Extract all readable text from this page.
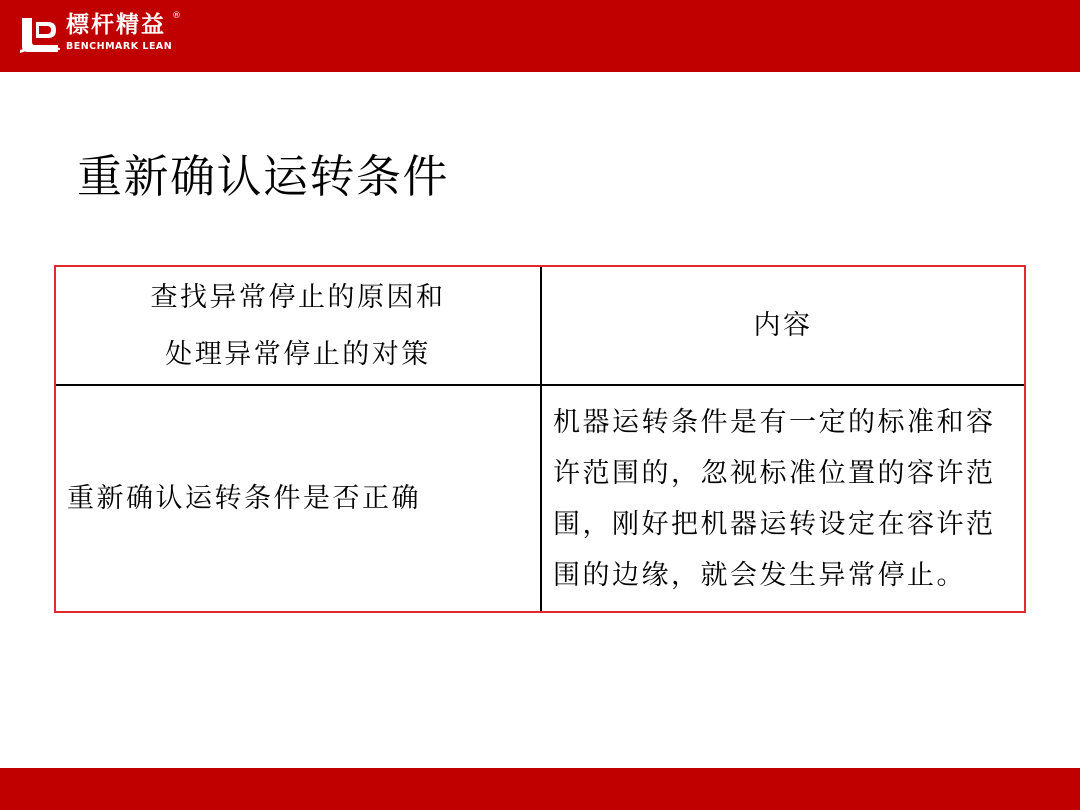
標杆精益 ®
BENCHMARK LEAN
重新确认运转条件
查找异常停止的原因和
处理异常停止的对策
内容
重新确认运转条件是否正确
机器运转条件是有一定的标准和容
许范围的，忽视标准位置的容许范
围，刚好把机器运转设定在容许范
围的边缘，就会发生异常停止。
